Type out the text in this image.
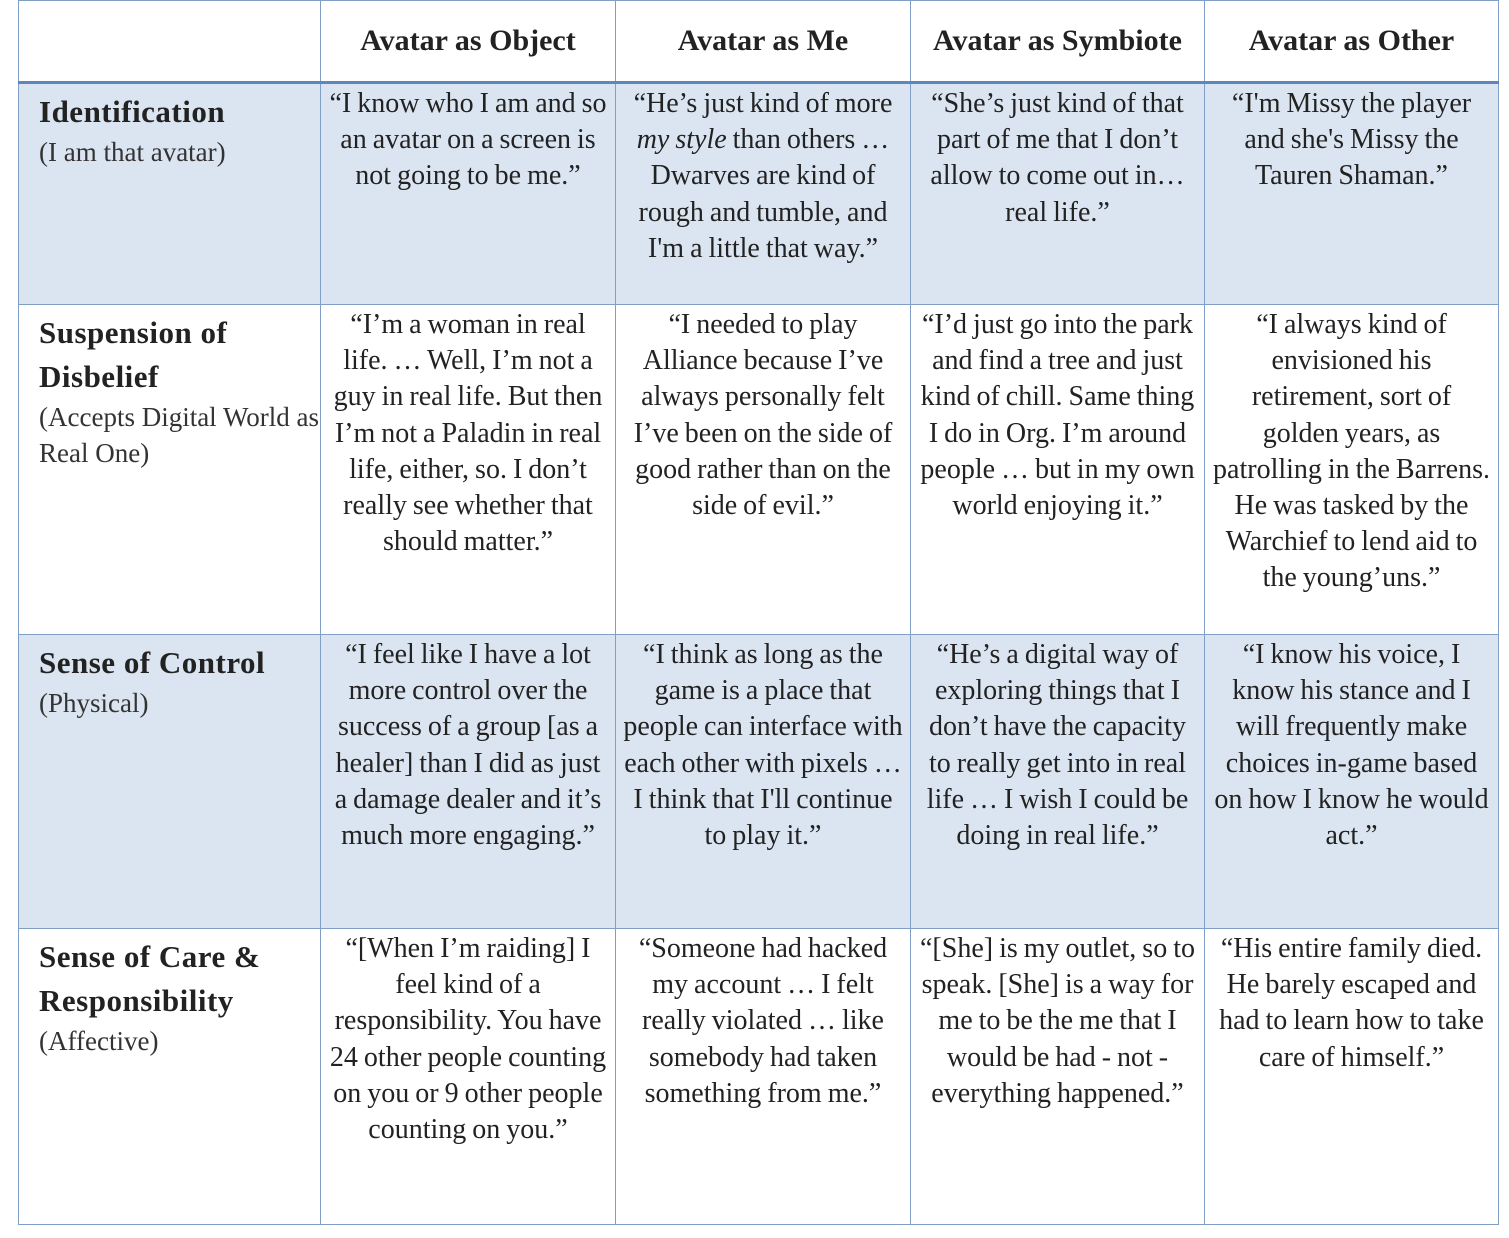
	Avatar as Object	Avatar as Me	Avatar as Symbiote	Avatar as Other

Identification
(I am that avatar)	“I know who I am and so an avatar on a screen is not going to be me.”	“He’s just kind of more my style than others … Dwarves are kind of rough and tumble, and I'm a little that way.”	“She’s just kind of that part of me that I don’t allow to come out in… real life.”	“I'm Missy the player and she's Missy the Tauren Shaman.”

Suspension of Disbelief
(Accepts Digital World as Real One)	“I’m a woman in real life. … Well, I’m not a guy in real life. But then I’m not a Paladin in real life, either, so. I don’t really see whether that should matter.”	“I needed to play Alliance because I’ve always personally felt I’ve been on the side of good rather than on the side of evil.”	“I’d just go into the park and find a tree and just kind of chill. Same thing I do in Org. I’m around people … but in my own world enjoying it.”	“I always kind of envisioned his retirement, sort of golden years, as patrolling in the Barrens. He was tasked by the Warchief to lend aid to the young’uns.”

Sense of Control
(Physical)	“I feel like I have a lot more control over the success of a group [as a healer] than I did as just a damage dealer and it’s much more engaging.”	“I think as long as the game is a place that people can interface with each other with pixels … I think that I'll continue to play it.”	“He’s a digital way of exploring things that I don’t have the capacity to really get into in real life … I wish I could be doing in real life.”	“I know his voice, I know his stance and I will frequently make choices in-game based on how I know he would act.”

Sense of Care & Responsibility
(Affective)	“[When I’m raiding] I feel kind of a responsibility. You have 24 other people counting on you or 9 other people counting on you.”	“Someone had hacked my account … I felt really violated … like somebody had taken something from me.”	“[She] is my outlet, so to speak. [She] is a way for me to be the me that I would be had - not - everything happened.”	“His entire family died. He barely escaped and had to learn how to take care of himself.”
